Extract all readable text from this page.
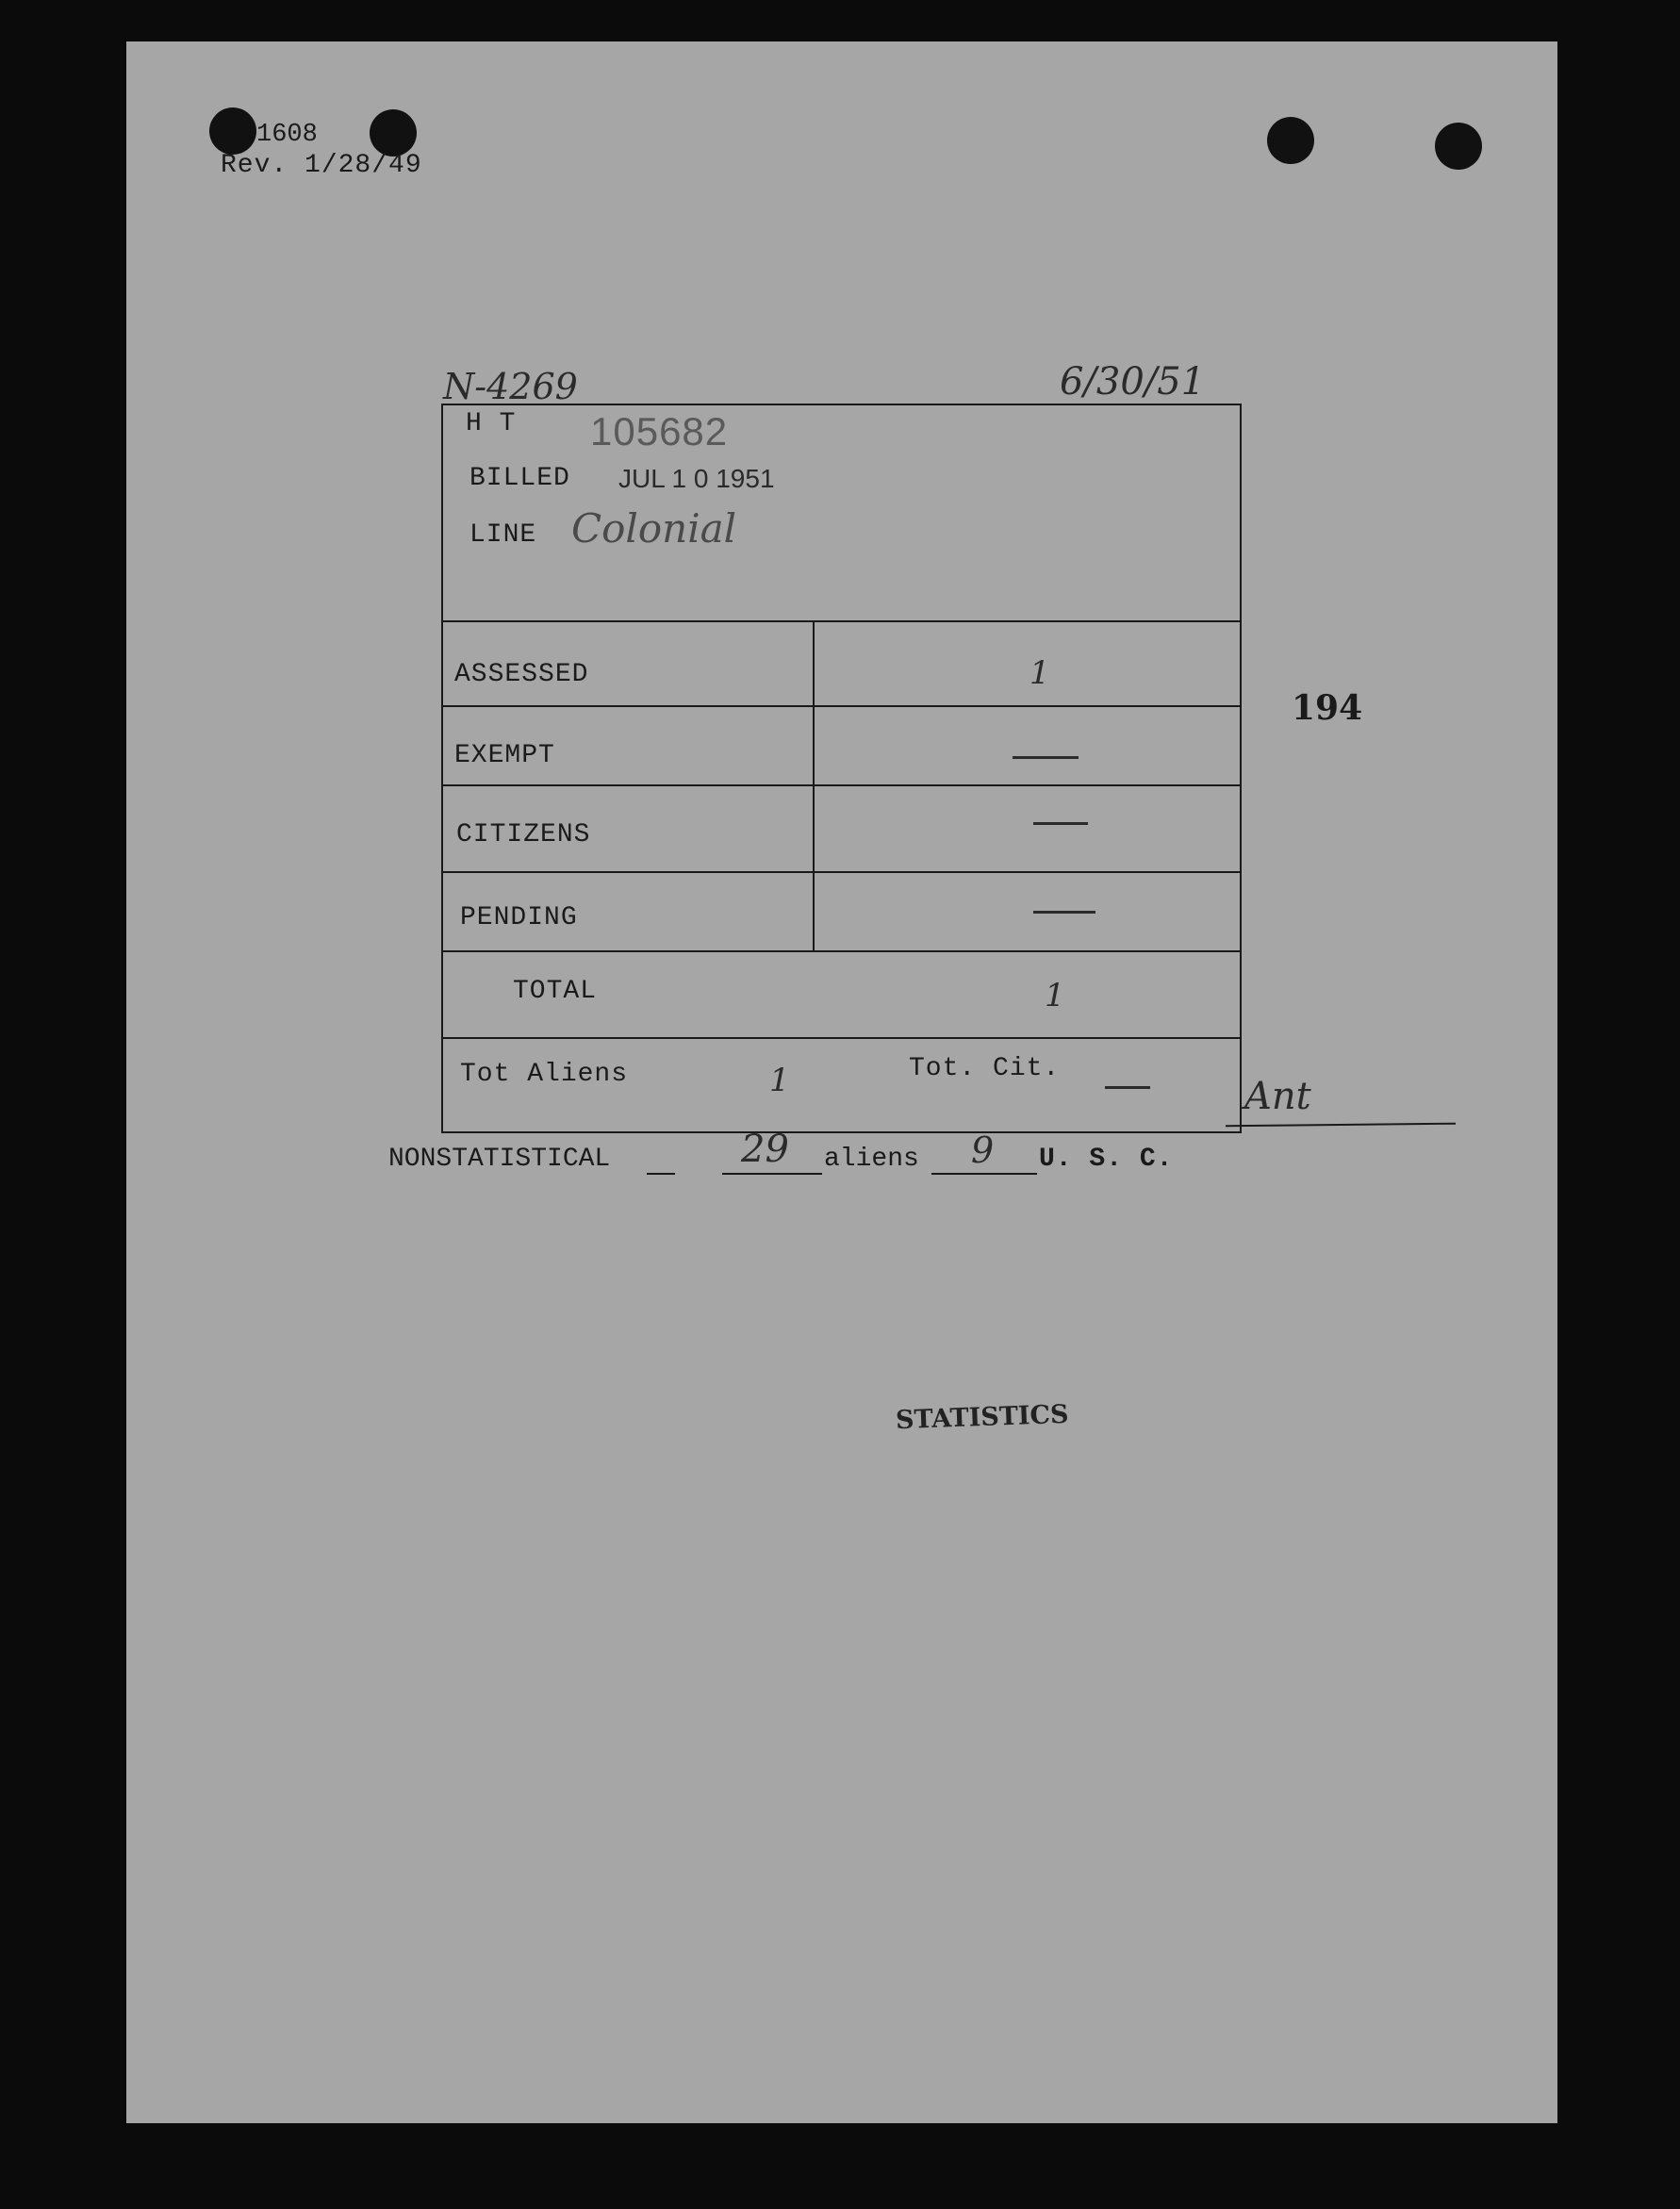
1608
Rev. 1/28/49
N-4269	6/30/51
H T 105682
BILLED JUL 1 0 1951
LINE Colonial
ASSESSED	1
EXEMPT
CITIZENS
PENDING
TOTAL	1
Tot Aliens	1	Tot. Cit.
194
Ant
NONSTATISTICAL	29 aliens 9 U. S. C.
STATISTICS
